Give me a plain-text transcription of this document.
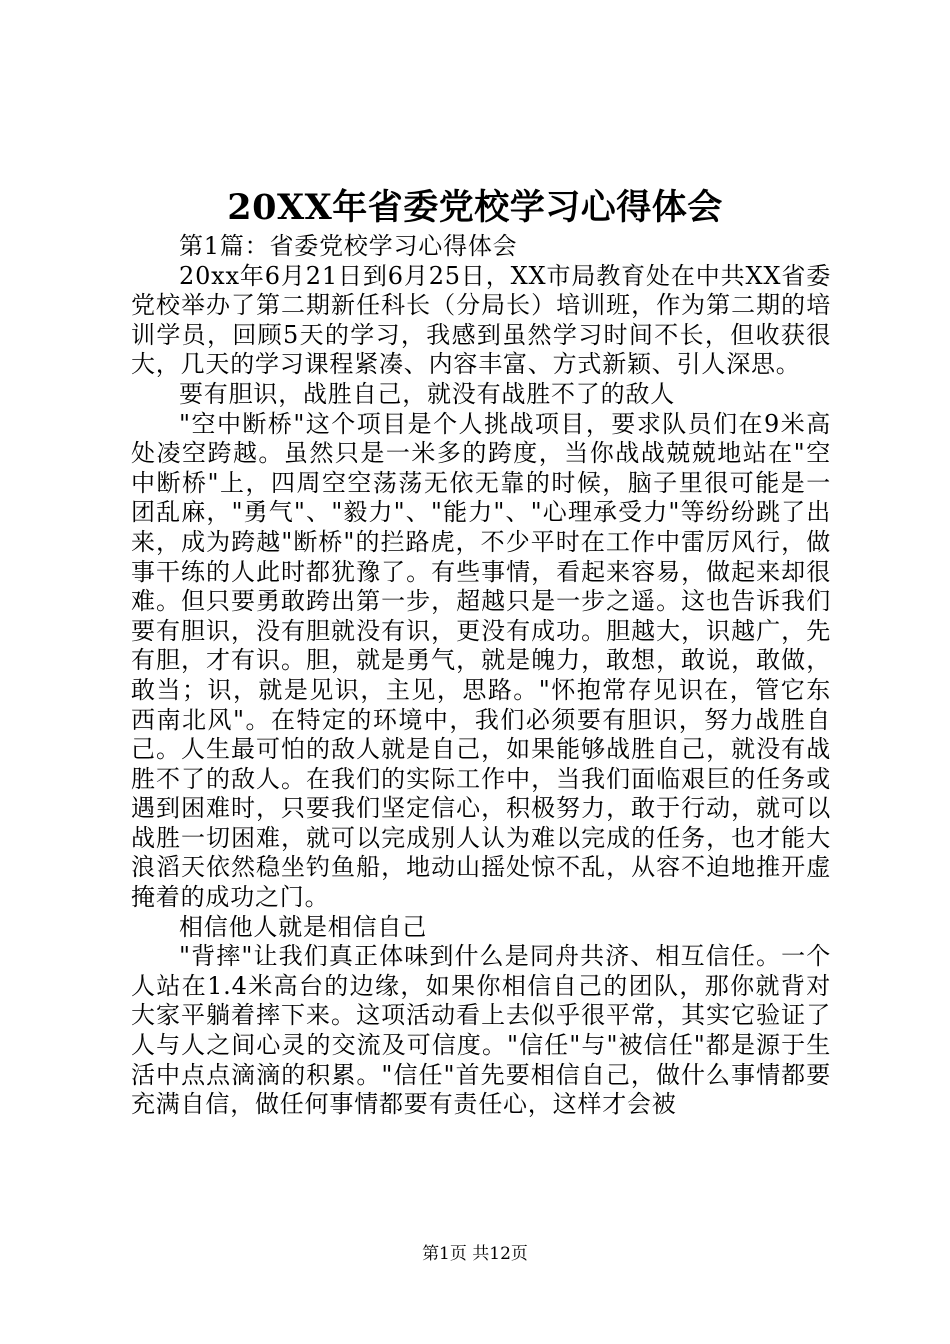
20XX年省委党校学习心得体会

第1篇：省委党校学习心得体会

20xx年6月21日到6月25日，XX市局教育处在中共XX省委党校举办了第二期新任科长（分局长）培训班，作为第二期的培训学员，回顾5天的学习，我感到虽然学习时间不长，但收获很大，几天的学习课程紧凑、内容丰富、方式新颖、引人深思。

要有胆识，战胜自己，就没有战胜不了的敌人

"空中断桥"这个项目是个人挑战项目，要求队员们在9米高处凌空跨越。虽然只是一米多的跨度，当你战战兢兢地站在"空中断桥"上，四周空空荡荡无依无靠的时候，脑子里很可能是一团乱麻，"勇气"、"毅力"、"能力"、"心理承受力"等纷纷跳了出来，成为跨越"断桥"的拦路虎，不少平时在工作中雷厉风行，做事干练的人此时都犹豫了。有些事情，看起来容易，做起来却很难。但只要勇敢跨出第一步，超越只是一步之遥。这也告诉我们要有胆识，没有胆就没有识，更没有成功。胆越大，识越广，先有胆，才有识。胆，就是勇气，就是魄力，敢想，敢说，敢做，敢当；识，就是见识，主见，思路。"怀抱常存见识在，管它东西南北风"。在特定的环境中，我们必须要有胆识，努力战胜自己。人生最可怕的敌人就是自己，如果能够战胜自己，就没有战胜不了的敌人。在我们的实际工作中，当我们面临艰巨的任务或遇到困难时，只要我们坚定信心，积极努力，敢于行动，就可以战胜一切困难，就可以完成别人认为难以完成的任务，也才能大浪滔天依然稳坐钓鱼船，地动山摇处惊不乱，从容不迫地推开虚掩着的成功之门。

相信他人就是相信自己

"背摔"让我们真正体味到什么是同舟共济、相互信任。一个人站在1.4米高台的边缘，如果你相信自己的团队，那你就背对大家平躺着摔下来。这项活动看上去似乎很平常，其实它验证了人与人之间心灵的交流及可信度。"信任"与"被信任"都是源于生活中点点滴滴的积累。"信任"首先要相信自己，做什么事情都要充满自信，做任何事情都要有责任心，这样才会被

第1页 共12页
